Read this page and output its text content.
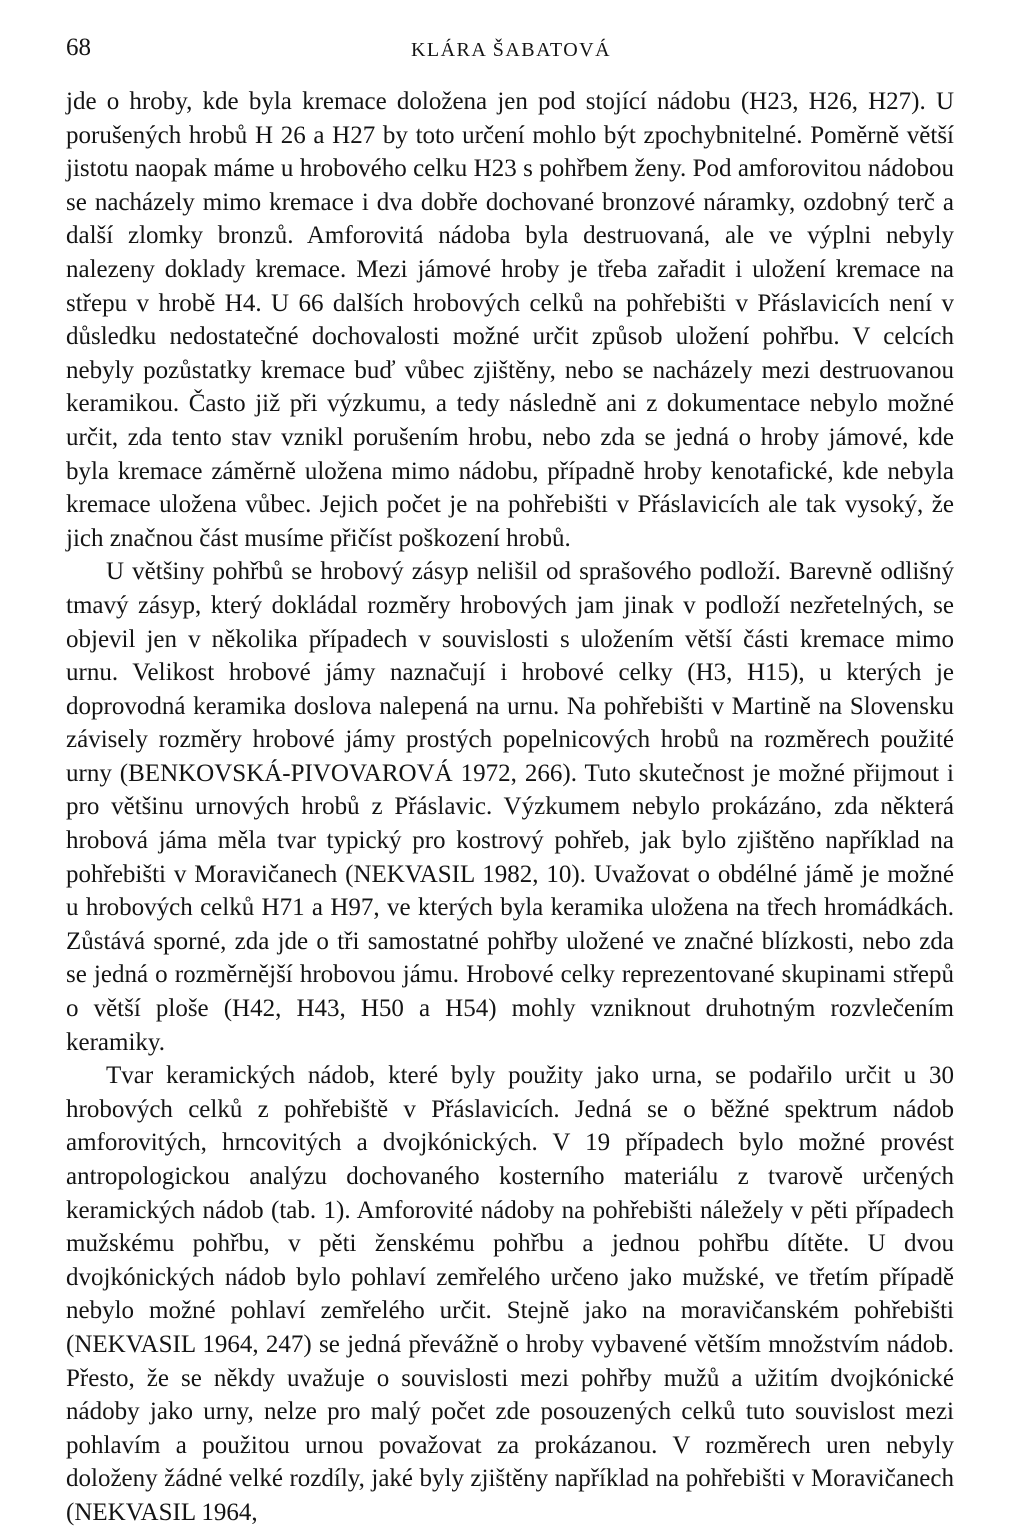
68	KLÁRA ŠABATOVÁ

jde o hroby, kde byla kremace doložena jen pod stojící nádobu (H23, H26, H27). U porušených hrobů H 26 a H27 by toto určení mohlo být zpochybnitelné. Poměrně větší jistotu naopak máme u hrobového celku H23 s pohřbem ženy. Pod amforovitou nádobou se nacházely mimo kremace i dva dobře dochované bronzové náramky, ozdobný terč a další zlomky bronzů. Amforovitá nádoba byla destruovaná, ale ve výplni nebyly nalezeny doklady kremace. Mezi jámové hroby je třeba zařadit i uložení kremace na střepu v hrobě H4. U 66 dalších hrobových celků na pohřebišti v Přáslavicích není v důsledku nedostatečné dochovalosti možné určit způsob uložení pohřbu. V celcích nebyly pozůstatky kremace buď vůbec zjištěny, nebo se nacházely mezi destruovanou keramikou. Často již při výzkumu, a tedy následně ani z dokumentace nebylo možné určit, zda tento stav vznikl porušením hrobu, nebo zda se jedná o hroby jámové, kde byla kremace záměrně uložena mimo nádobu, případně hroby kenotafické, kde nebyla kremace uložena vůbec. Jejich počet je na pohřebišti v Přáslavicích ale tak vysoký, že jich značnou část musíme přičíst poškození hrobů.

U většiny pohřbů se hrobový zásyp nelišil od sprašového podloží. Barevně odlišný tmavý zásyp, který dokládal rozměry hrobových jam jinak v podloží nezřetelných, se objevil jen v několika případech v souvislosti s uložením větší části kremace mimo urnu. Velikost hrobové jámy naznačují i hrobové celky (H3, H15), u kterých je doprovodná keramika doslova nalepená na urnu. Na pohřebišti v Martině na Slovensku závisely rozměry hrobové jámy prostých popelnicových hrobů na rozměrech použité urny (BENKOVSKÁ-PIVOVAROVÁ 1972, 266). Tuto skutečnost je možné přijmout i pro většinu urnových hrobů z Přáslavic. Výzkumem nebylo prokázáno, zda některá hrobová jáma měla tvar typický pro kostrový pohřeb, jak bylo zjištěno například na pohřebišti v Moravičanech (NEKVASIL 1982, 10). Uvažovat o obdélné jámě je možné u hrobových celků H71 a H97, ve kterých byla keramika uložena na třech hromádkách. Zůstává sporné, zda jde o tři samostatné pohřby uložené ve značné blízkosti, nebo zda se jedná o rozměrnější hrobovou jámu. Hrobové celky reprezentované skupinami střepů o větší ploše (H42, H43, H50 a H54) mohly vzniknout druhotným rozvlečením keramiky.

Tvar keramických nádob, které byly použity jako urna, se podařilo určit u 30 hrobových celků z pohřebiště v Přáslavicích. Jedná se o běžné spektrum nádob amforovitých, hrncovitých a dvojkónických. V 19 případech bylo možné provést antropologickou analýzu dochovaného kosterního materiálu z tvarově určených keramických nádob (tab. 1). Amforovité nádoby na pohřebišti náležely v pěti případech mužskému pohřbu, v pěti ženskému pohřbu a jednou pohřbu dítěte. U dvou dvojkónických nádob bylo pohlaví zemřelého určeno jako mužské, ve třetím případě nebylo možné pohlaví zemřelého určit. Stejně jako na moravičanském pohřebišti (NEKVASIL 1964, 247) se jedná převážně o hroby vybavené větším množstvím nádob. Přesto, že se někdy uvažuje o souvislosti mezi pohřby mužů a užitím dvojkónické nádoby jako urny, nelze pro malý počet zde posouzených celků tuto souvislost mezi pohlavím a použitou urnou považovat za prokázanou. V rozměrech uren nebyly doloženy žádné velké rozdíly, jaké byly zjištěny například na pohřebišti v Moravičanech (NEKVASIL 1964,
